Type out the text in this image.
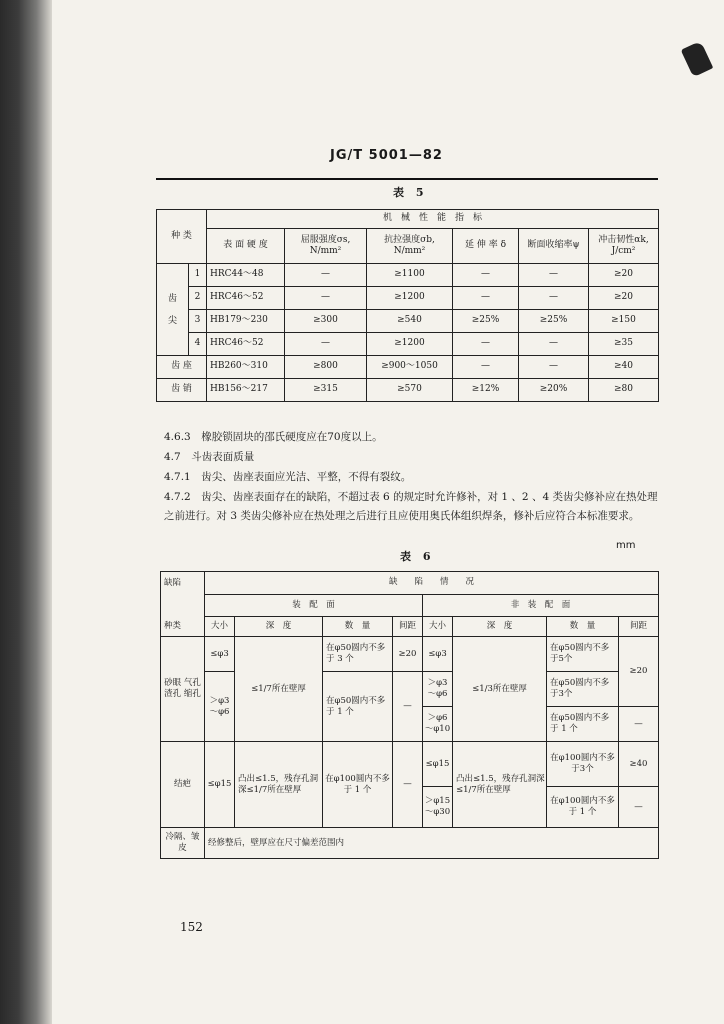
JG/T 5001—82
表 5
种 类		机　械　性　能　指　标					
		表 面 硬 度	屈服强度σs, N/mm²	抗拉强度σb, N/mm²	延 伸 率 δ	断面收缩率ψ	冲击韧性αk, J/cm²
齿　　尖	1	HRC44～48	—	≥1100	—	—	≥20
	2	HRC46～52	—	≥1200	—	—	≥20
	3	HB179～230	≥300	≥540	≥25%	≥25%	≥150
	4	HRC46～52	—	≥1200	—	—	≥35
齿 座		HB260～310	≥800	≥900～1050	—	—	≥40
齿 销		HB156～217	≥315	≥570	≥12%	≥20%	≥80
4.6.3　橡胶锁固块的邵氏硬度应在70度以上。
4.7　斗齿表面质量
4.7.1　齿尖、齿座表面应光洁、平整，不得有裂纹。
4.7.2　齿尖、齿座表面存在的缺陷，不超过表 6 的规定时允许修补，对 1 、2 、4 类齿尖修补应在热处理之前进行。对 3 类齿尖修补应在热处理之后进行且应使用奥氏体组织焊条，修补后应符合本标准要求。
表 6
mm
缺陷	缺　　陷　　情　　况							
	装　配　面				非　装　配　面			
种类	大小	深　度	数　量	间距	大小	深　度	数　量	间距
砂眼 气孔 渣孔 缩孔	≤φ3	≤1/7所在壁厚	在φ50圆内不多于 3 个	≥20	≤φ3	≤1/3所在壁厚	在φ50圆内不多于5个	≥20

					＞φ3 ～φ6		在φ50圆内不多于3个	
	＞φ3 ～φ6		在φ50圆内不多于 1 个	—				
					＞φ6 ～φ10		在φ50圆内不多于 1 个	—

结疤	≤φ15	凸出≤1.5，残存孔洞深≤1/7所在壁厚	在φ100圆内不多于 1 个	—	≤φ15	凸出≤1.5，残存孔洞深≤1/7所在壁厚	在φ100圆内不多于3个	≥40
					＞φ15 ～φ30		在φ100圆内不多于 1 个	—
冷隔、皱皮	经修整后，壁厚应在尺寸偏差范围内							
152
